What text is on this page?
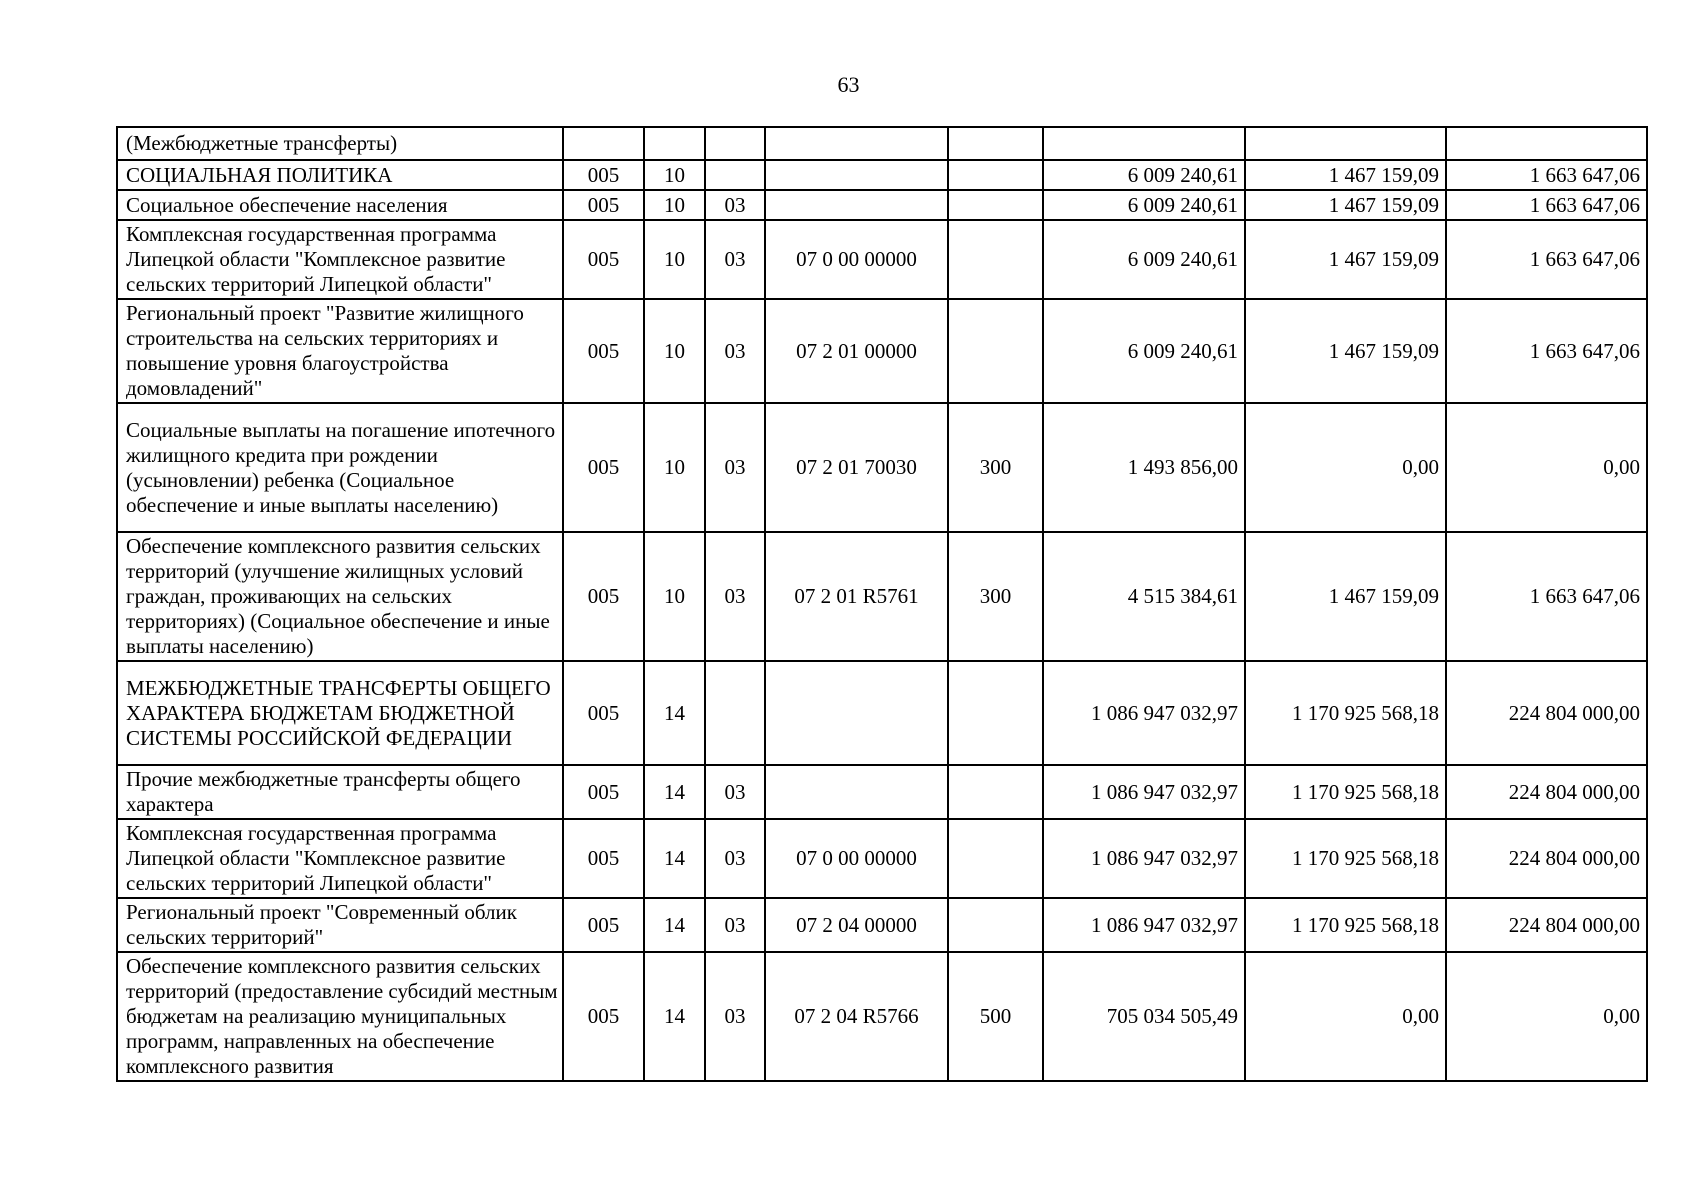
63
(Межбюджетные трансферты)								
СОЦИАЛЬНАЯ ПОЛИТИКА	005	10				6 009 240,61	1 467 159,09	1 663 647,06
Социальное обеспечение населения	005	10	03			6 009 240,61	1 467 159,09	1 663 647,06
Комплексная государственная программа Липецкой области "Комплексное развитие сельских территорий Липецкой области"	005	10	03	07 0 00 00000		6 009 240,61	1 467 159,09	1 663 647,06
Региональный проект "Развитие жилищного строительства на сельских территориях и повышение уровня благоустройства домовладений"	005	10	03	07 2 01 00000		6 009 240,61	1 467 159,09	1 663 647,06
Социальные выплаты на погашение ипотечного жилищного кредита при рождении (усыновлении) ребенка (Социальное обеспечение и иные выплаты населению)	005	10	03	07 2 01 70030	300	1 493 856,00	0,00	0,00
Обеспечение комплексного развития сельских территорий (улучшение жилищных условий граждан, проживающих на сельских территориях) (Социальное обеспечение и иные выплаты населению)	005	10	03	07 2 01 R5761	300	4 515 384,61	1 467 159,09	1 663 647,06
МЕЖБЮДЖЕТНЫЕ ТРАНСФЕРТЫ ОБЩЕГО ХАРАКТЕРА БЮДЖЕТАМ БЮДЖЕТНОЙ СИСТЕМЫ РОССИЙСКОЙ ФЕДЕРАЦИИ	005	14				1 086 947 032,97	1 170 925 568,18	224 804 000,00
Прочие межбюджетные трансферты общего характера	005	14	03			1 086 947 032,97	1 170 925 568,18	224 804 000,00
Комплексная государственная программа Липецкой области "Комплексное развитие сельских территорий Липецкой области"	005	14	03	07 0 00 00000		1 086 947 032,97	1 170 925 568,18	224 804 000,00
Региональный проект "Современный облик сельских территорий"	005	14	03	07 2 04 00000		1 086 947 032,97	1 170 925 568,18	224 804 000,00
Обеспечение комплексного развития сельских территорий (предоставление субсидий местным бюджетам на реализацию муниципальных программ, направленных на обеспечение комплексного развития	005	14	03	07 2 04 R5766	500	705 034 505,49	0,00	0,00
